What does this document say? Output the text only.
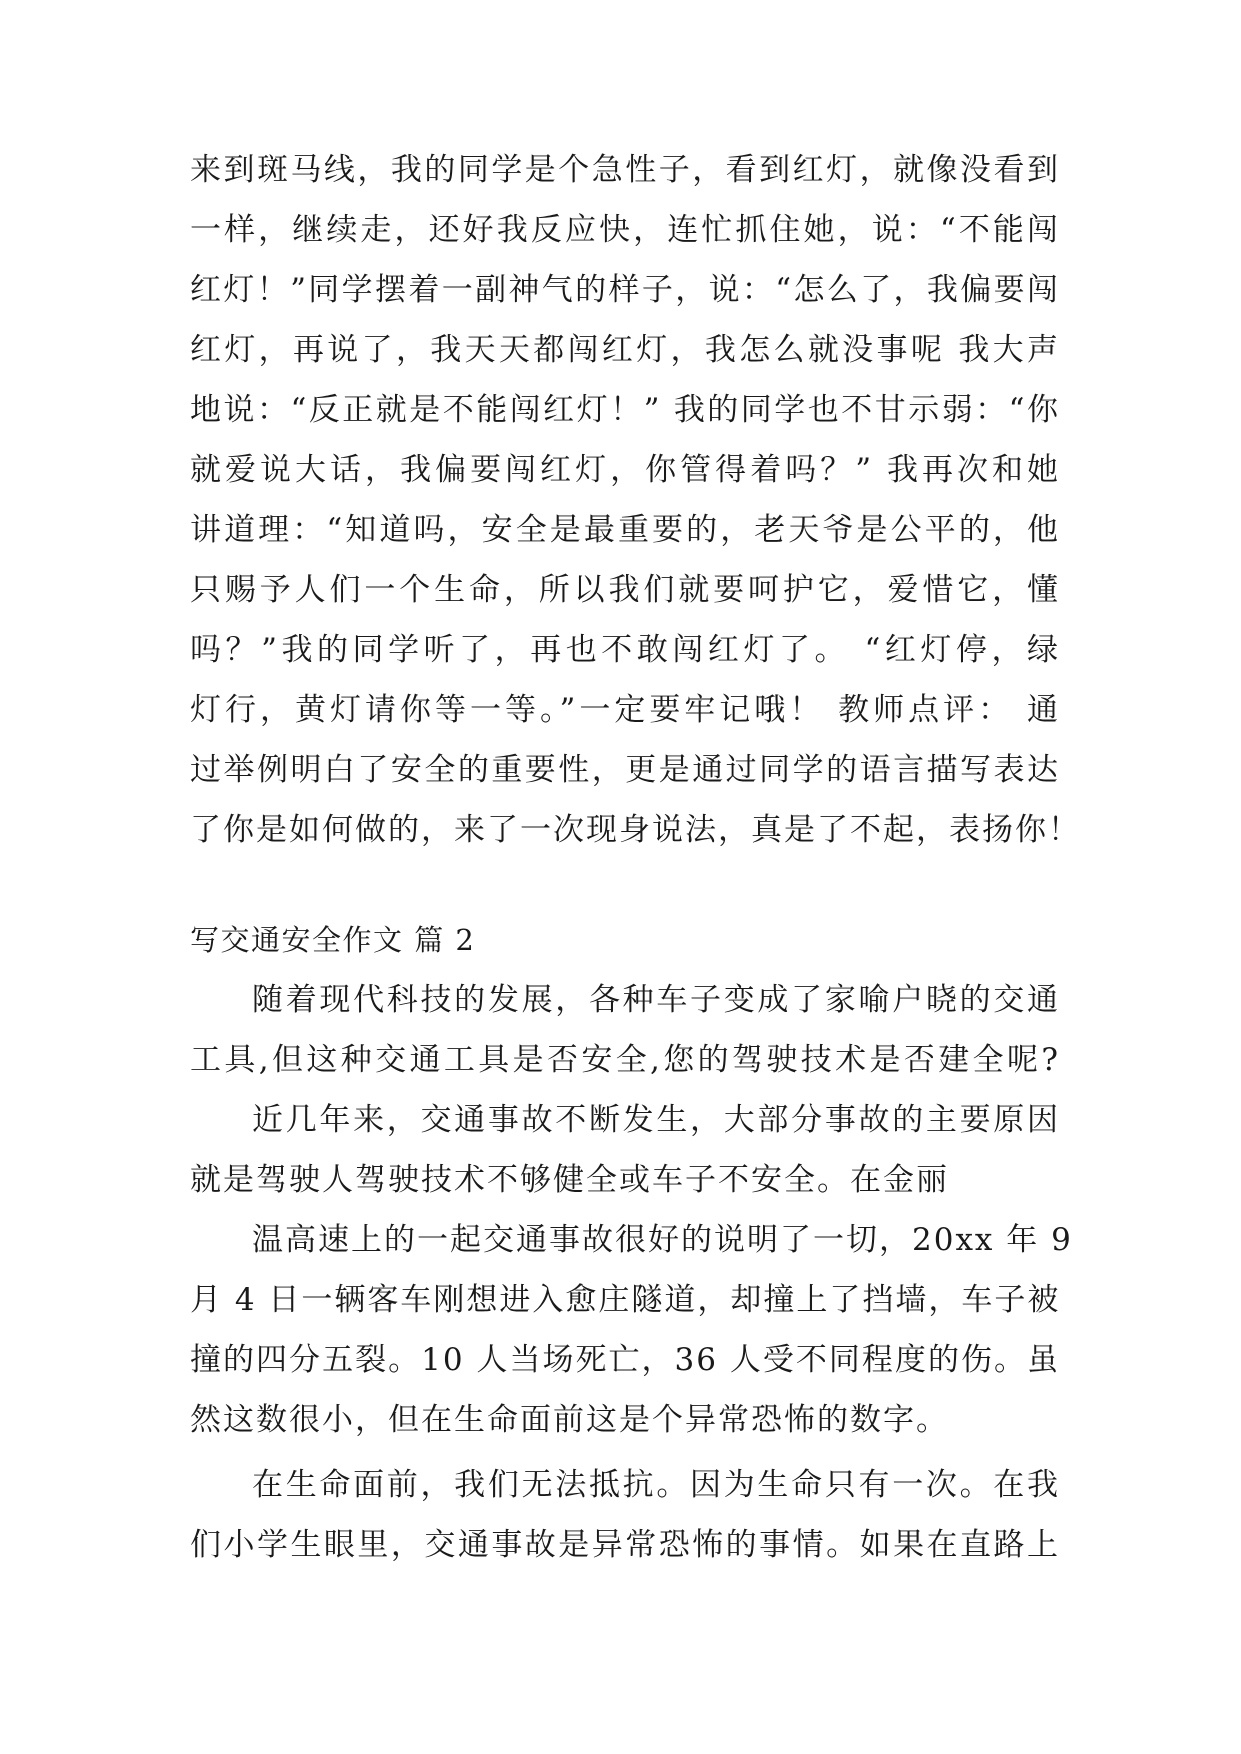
来到斑马线，我的同学是个急性子，看到红灯，就像没看到
一样，继续走，还好我反应快，连忙抓住她，说：“不能闯
红灯！”同学摆着一副神气的样子，说：“怎么了，我偏要闯
红灯，再说了，我天天都闯红灯，我怎么就没事呢 我大声
地说：“反正就是不能闯红灯！” 我的同学也不甘示弱：“你
就爱说大话，我偏要闯红灯，你管得着吗？” 我再次和她
讲道理：“知道吗，安全是最重要的，老天爷是公平的，他
只赐予人们一个生命，所以我们就要呵护它，爱惜它，懂
吗？”我的同学听了，再也不敢闯红灯了。 “红灯停，绿
灯行，黄灯请你等一等。”一定要牢记哦！ 教师点评： 通
过举例明白了安全的重要性，更是通过同学的语言描写表达
了你是如何做的，来了一次现身说法，真是了不起，表扬你！
写交通安全作文 篇 2
随着现代科技的发展，各种车子变成了家喻户晓的交通
工具,但这种交通工具是否安全,您的驾驶技术是否建全呢?
近几年来，交通事故不断发生，大部分事故的主要原因
就是驾驶人驾驶技术不够健全或车子不安全。在金丽
温高速上的一起交通事故很好的说明了一切，20xx 年 9
月 4 日一辆客车刚想进入愈庄隧道，却撞上了挡墙，车子被
撞的四分五裂。10 人当场死亡，36 人受不同程度的伤。虽
然这数很小，但在生命面前这是个异常恐怖的数字。
在生命面前，我们无法抵抗。因为生命只有一次。在我
们小学生眼里，交通事故是异常恐怖的事情。如果在直路上
